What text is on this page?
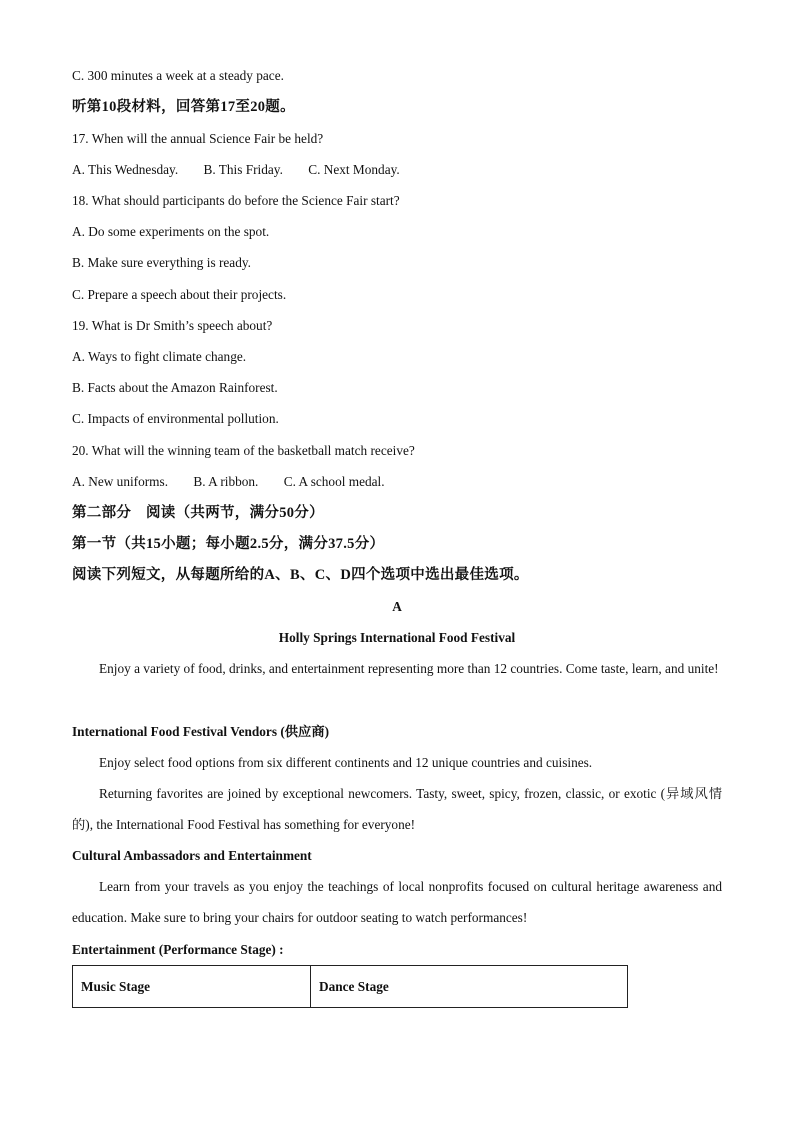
C. 300 minutes a week at a steady pace.
听第10段材料，回答第17至20题。
17. When will the annual Science Fair be held?
A. This Wednesday. B. This Friday. C. Next Monday.
18. What should participants do before the Science Fair start?
A. Do some experiments on the spot.
B. Make sure everything is ready.
C. Prepare a speech about their projects.
19. What is Dr Smith’s speech about?
A. Ways to fight climate change.
B. Facts about the Amazon Rainforest.
C. Impacts of environmental pollution.
20. What will the winning team of the basketball match receive?
A. New uniforms. B. A ribbon. C. A school medal.
第二部分　阅读（共两节，满分50分）
第一节（共15小题；每小题2.5分，满分37.5分）
阅读下列短文，从每题所给的A、B、C、D四个选项中选出最佳选项。
A
Holly Springs International Food Festival
Enjoy a variety of food, drinks, and entertainment representing more than 12 countries. Come taste, learn, and unite!
International Food Festival Vendors (供应商)
Enjoy select food options from six different continents and 12 unique countries and cuisines.
Returning favorites are joined by exceptional newcomers. Tasty, sweet, spicy, frozen, classic, or exotic (异域风情的), the International Food Festival has something for everyone!
Cultural Ambassadors and Entertainment
Learn from your travels as you enjoy the teachings of local nonprofits focused on cultural heritage awareness and education. Make sure to bring your chairs for outdoor seating to watch performances!
Entertainment (Performance Stage) :
Music Stage	Dance Stage
